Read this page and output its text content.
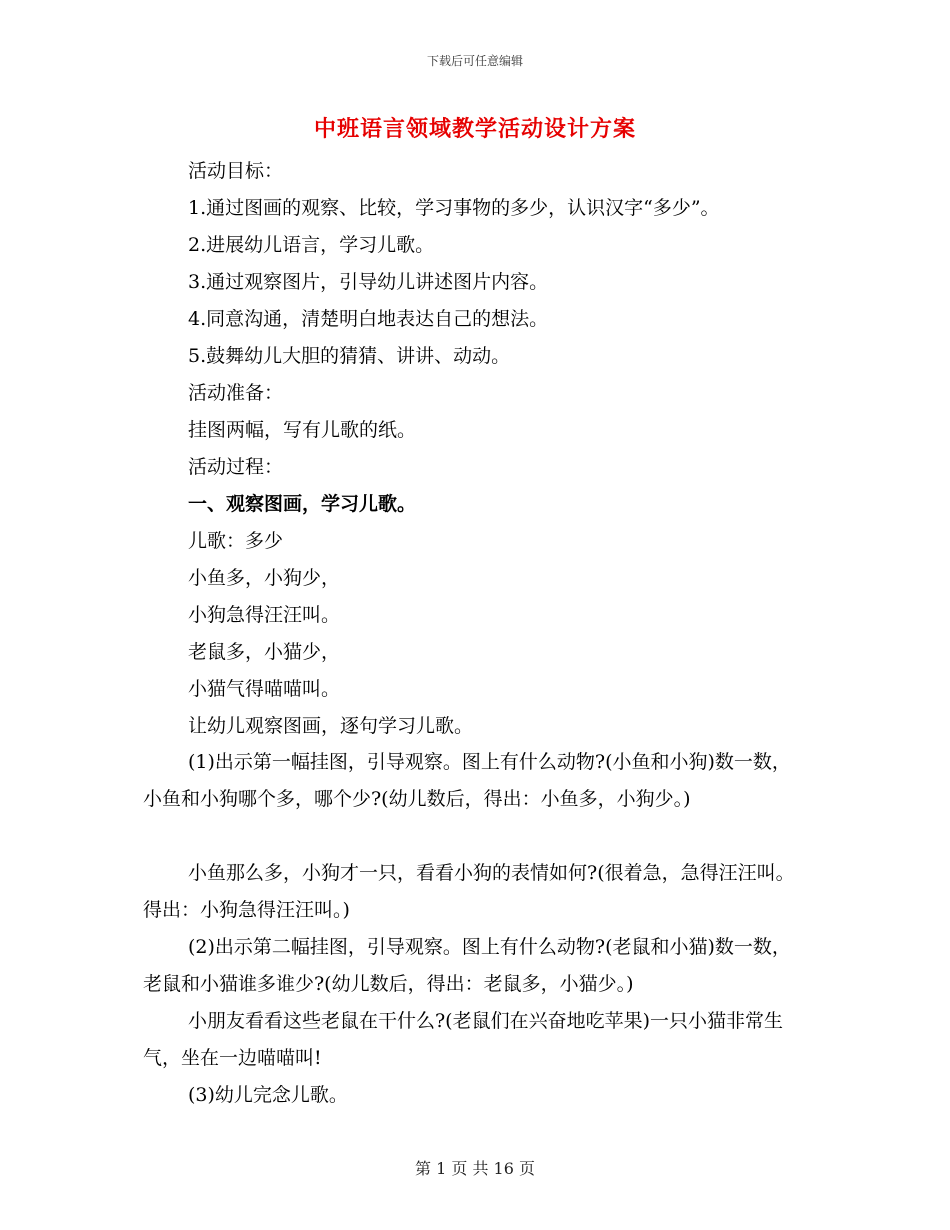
下载后可任意编辑
中班语言领域教学活动设计方案
活动目标：
1.通过图画的观察、比较，学习事物的多少，认识汉字“多少”。
2.进展幼儿语言，学习儿歌。
3.通过观察图片，引导幼儿讲述图片内容。
4.同意沟通，清楚明白地表达自己的想法。
5.鼓舞幼儿大胆的猜猜、讲讲、动动。
活动准备：
挂图两幅，写有儿歌的纸。
活动过程：
一、观察图画，学习儿歌。
儿歌：多少
小鱼多，小狗少，
小狗急得汪汪叫。
老鼠多，小猫少，
小猫气得喵喵叫。
让幼儿观察图画，逐句学习儿歌。
(1)出示第一幅挂图，引导观察。图上有什么动物?(小鱼和小狗)数一数，小鱼和小狗哪个多，哪个少?(幼儿数后，得出：小鱼多，小狗少。)
小鱼那么多，小狗才一只，看看小狗的表情如何?(很着急，急得汪汪叫。得出：小狗急得汪汪叫。)
(2)出示第二幅挂图，引导观察。图上有什么动物?(老鼠和小猫)数一数，老鼠和小猫谁多谁少?(幼儿数后，得出：老鼠多，小猫少。)
小朋友看看这些老鼠在干什么?(老鼠们在兴奋地吃苹果)一只小猫非常生气，坐在一边喵喵叫!
(3)幼儿完念儿歌。
第 1 页 共 16 页
